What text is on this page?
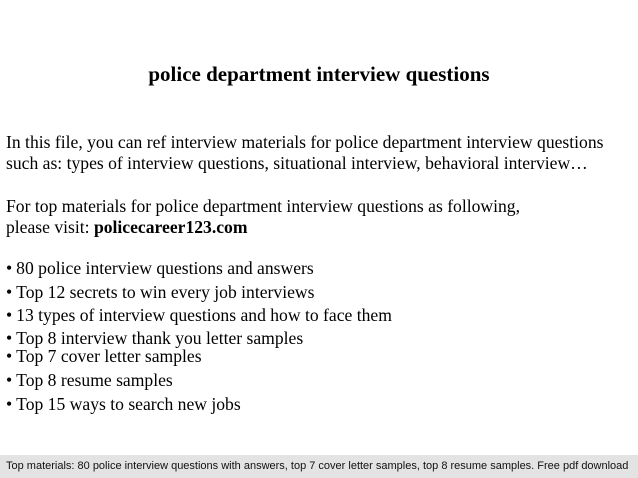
police department interview questions
In this file, you can ref interview materials for police department interview questions
such as: types of interview questions, situational interview, behavioral interview…
For top materials for police department interview questions as following,
please visit: policecareer123.com
• 80 police interview questions and answers
• Top 12 secrets to win every job interviews
• 13 types of interview questions and how to face them
• Top 8 interview thank you letter samples
• Top 7 cover letter samples
• Top 8 resume samples
• Top 15 ways to search new jobs
Top materials: 80 police interview questions with answers, top 7 cover letter samples, top 8 resume samples. Free pdf download
